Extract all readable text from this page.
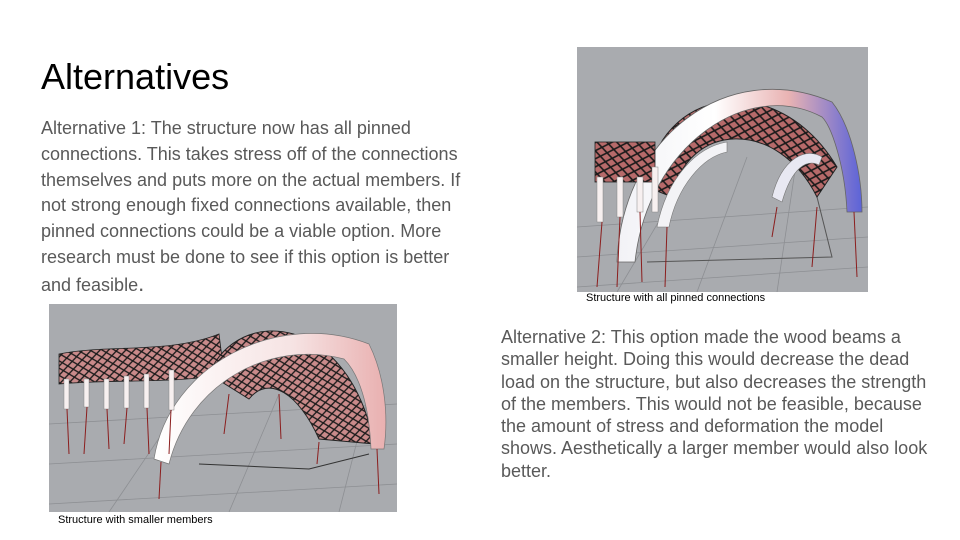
Alternatives

Alternative 1: The structure now has all pinned connections. This takes stress off of the connections themselves and puts more on the actual members. If not strong enough fixed connections available, then pinned connections could be a viable option. More research must be done to see if this option is better and feasible.

Structure with all pinned connections

Structure with smaller members

Alternative 2: This option made the wood beams a smaller height. Doing this would decrease the dead load on the structure, but also decreases the strength of the members. This would not be feasible, because the amount of stress and deformation the model shows. Aesthetically a larger member would also look better.
